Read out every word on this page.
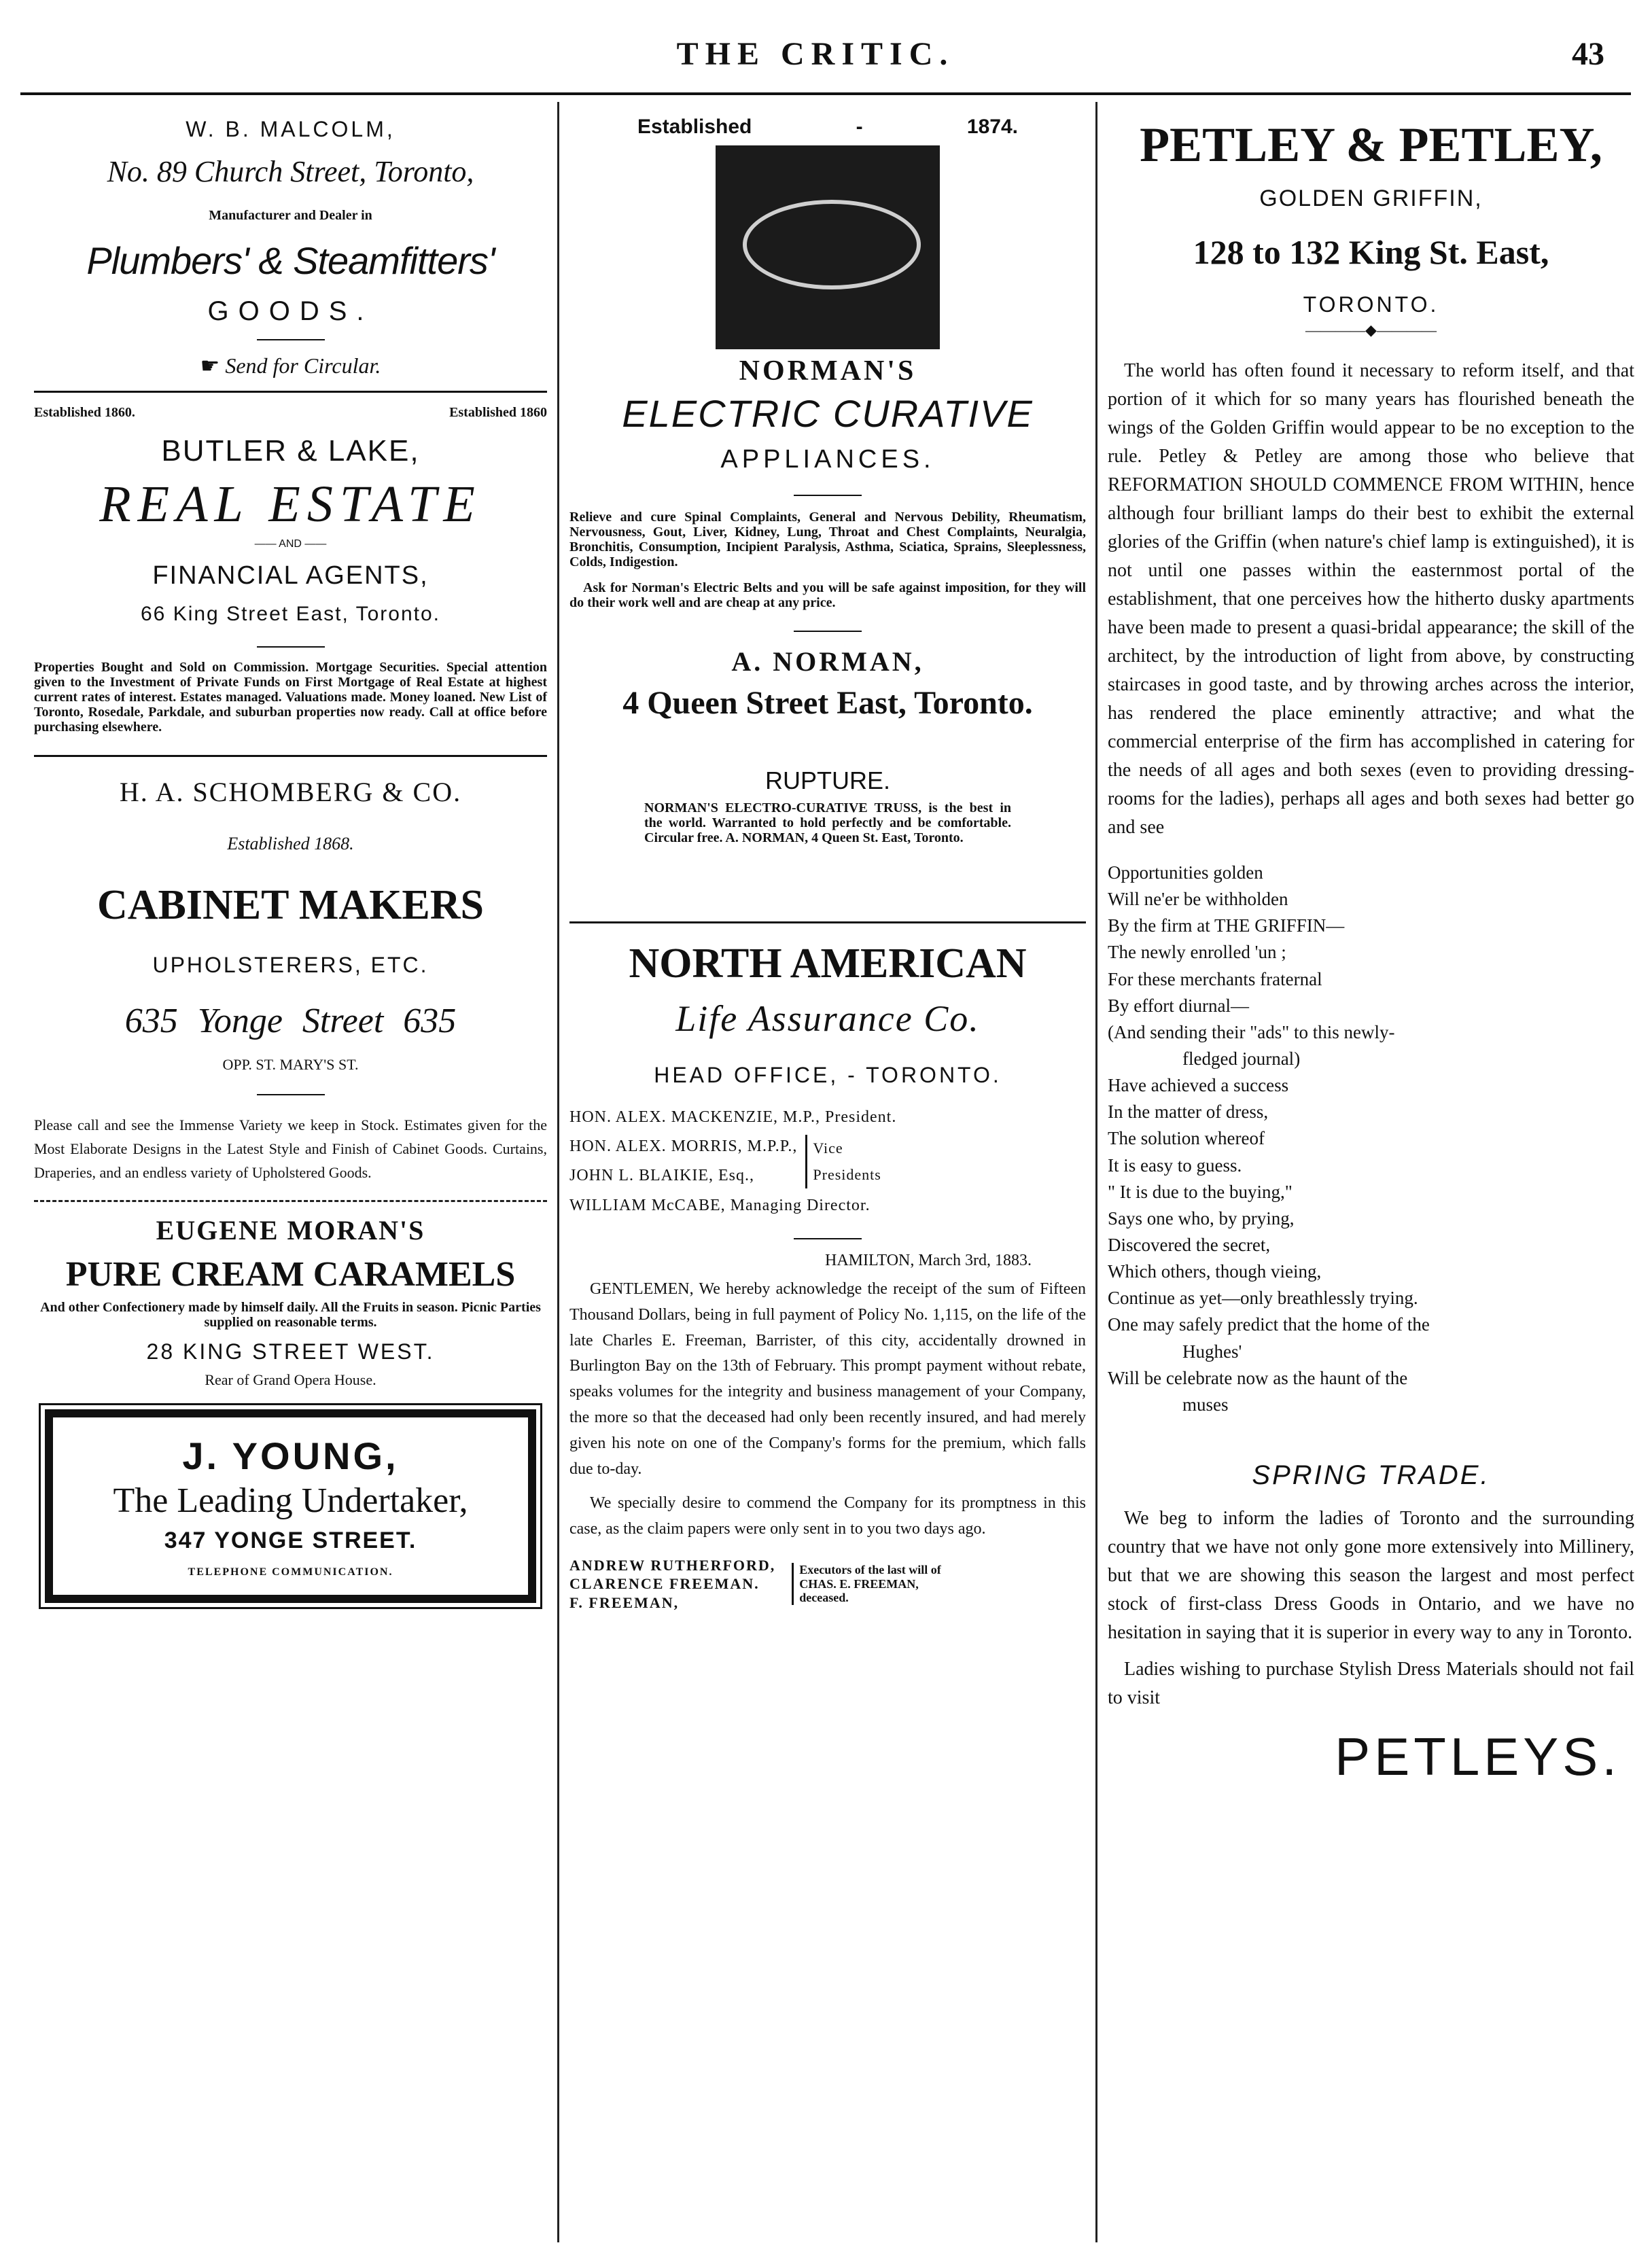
THE CRITIC.	43
W. B. MALCOLM,
No. 89 Church Street, Toronto,
Manufacturer and Dealer in
Plumbers' & Steamfitters'
GOODS.
☛ Send for Circular.
Established 1860.	Established 1860
BUTLER & LAKE,
REAL ESTATE
—— AND ——
FINANCIAL AGENTS,
66 King Street East, Toronto.

Properties Bought and Sold on Commission. Mortgage Securities. Special attention given to the Investment of Private Funds on First Mortgage of Real Estate at highest current rates of interest. Estates managed. Valuations made. Money loaned. New List of Toronto, Rosedale, Parkdale, and suburban properties now ready. Call at office before purchasing elsewhere.

H. A. SCHOMBERG & CO.
Established 1868.
CABINET MAKERS
UPHOLSTERERS, ETC.
635 Yonge Street 635
OPP. ST. MARY'S ST.

Please call and see the Immense Variety we keep in Stock. Estimates given for the Most Elaborate Designs in the Latest Style and Finish of Cabinet Goods. Curtains, Draperies, and an endless variety of Upholstered Goods.

EUGENE MORAN'S
PURE CREAM CARAMELS

And other Confectionery made by himself daily. All the Fruits in season. Picnic Parties supplied on reasonable terms.

28 KING STREET WEST.
Rear of Grand Opera House.
J. YOUNG,
The Leading Undertaker,
347 YONGE STREET.
TELEPHONE COMMUNICATION.
Established	-	1874.
NORMAN'S
ELECTRIC CURATIVE
APPLIANCES.

Relieve and cure Spinal Complaints, General and Nervous Debility, Rheumatism, Nervousness, Gout, Liver, Kidney, Lung, Throat and Chest Complaints, Neuralgia, Bronchitis, Consumption, Incipient Paralysis, Asthma, Sciatica, Sprains, Sleeplessness, Colds, Indigestion.

Ask for Norman's Electric Belts and you will be safe against imposition, for they will do their work well and are cheap at any price.

A. NORMAN,
4 Queen Street East, Toronto.
RUPTURE.

NORMAN'S ELECTRO-CURATIVE TRUSS, is the best in the world. Warranted to hold perfectly and be comfortable. Circular free. A. NORMAN, 4 Queen St. East, Toronto.

NORTH AMERICAN
Life Assurance Co.
HEAD OFFICE, - TORONTO.
HON. ALEX. MACKENZIE, M.P., President.
HON. ALEX. MORRIS, M.P.P.,
JOHN L. BLAIKIE, Esq.,
Vice Presidents
WILLIAM McCABE, Managing Director.
HAMILTON, March 3rd, 1883.

GENTLEMEN, We hereby acknowledge the receipt of the sum of Fifteen Thousand Dollars, being in full payment of Policy No. 1,115, on the life of the late Charles E. Freeman, Barrister, of this city, accidentally drowned in Burlington Bay on the 13th of February. This prompt payment without rebate, speaks volumes for the integrity and business management of your Company, the more so that the deceased had only been recently insured, and had merely given his note on one of the Company's forms for the premium, which falls due to-day.

We specially desire to commend the Company for its promptness in this case, as the claim papers were only sent in to you two days ago.

ANDREW RUTHERFORD,
CLARENCE FREEMAN.
F. FREEMAN,
Executors of the last will of CHAS. E. FREEMAN, deceased.
PETLEY & PETLEY,
GOLDEN GRIFFIN,
128 to 132 King St. East,
TORONTO.
————◆————

The world has often found it necessary to reform itself, and that portion of it which for so many years has flourished beneath the wings of the Golden Griffin would appear to be no exception to the rule. Petley & Petley are among those who believe that REFORMATION SHOULD COMMENCE FROM WITHIN, hence although four brilliant lamps do their best to exhibit the external glories of the Griffin (when nature's chief lamp is extinguished), it is not until one passes within the easternmost portal of the establishment, that one perceives how the hitherto dusky apartments have been made to present a quasi-bridal appearance; the skill of the architect, by the introduction of light from above, by constructing staircases in good taste, and by throwing arches across the interior, has rendered the place eminently attractive; and what the commercial enterprise of the firm has accomplished in catering for the needs of all ages and both sexes (even to providing dressing-rooms for the ladies), perhaps all ages and both sexes had better go and see

Opportunities golden
Will ne'er be withholden
By the firm at THE GRIFFIN—
The newly enrolled 'un ;
For these merchants fraternal
By effort diurnal—
(And sending their "ads" to this newly-
fledged journal)
Have achieved a success
In the matter of dress,
The solution whereof
It is easy to guess.
" It is due to the buying,"
Says one who, by prying,
Discovered the secret,
Which others, though vieing,
Continue as yet—only breathlessly trying.
One may safely predict that the home of the
Hughes'
Will be celebrate now as the haunt of the
muses
SPRING TRADE.

We beg to inform the ladies of Toronto and the surrounding country that we have not only gone more extensively into Millinery, but that we are showing this season the largest and most perfect stock of first-class Dress Goods in Ontario, and we have no hesitation in saying that it is superior in every way to any in Toronto.

Ladies wishing to purchase Stylish Dress Materials should not fail to visit

PETLEYS.
